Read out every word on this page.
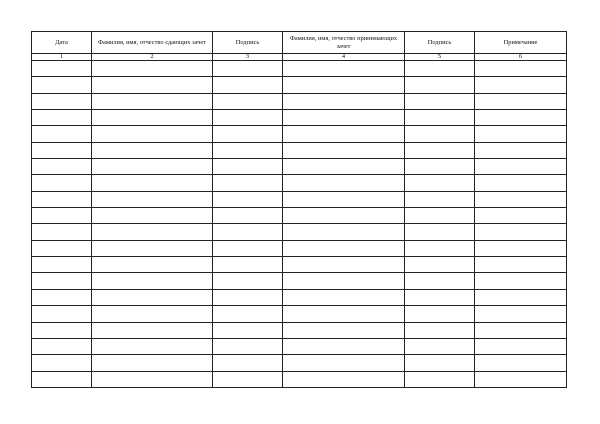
Дата	Фамилия, имя, отчество сдающих зачет	Подпись	Фамилия, имя, отчество принимающих зачет	Подпись	Примечание
1	2	3	4	5	6
